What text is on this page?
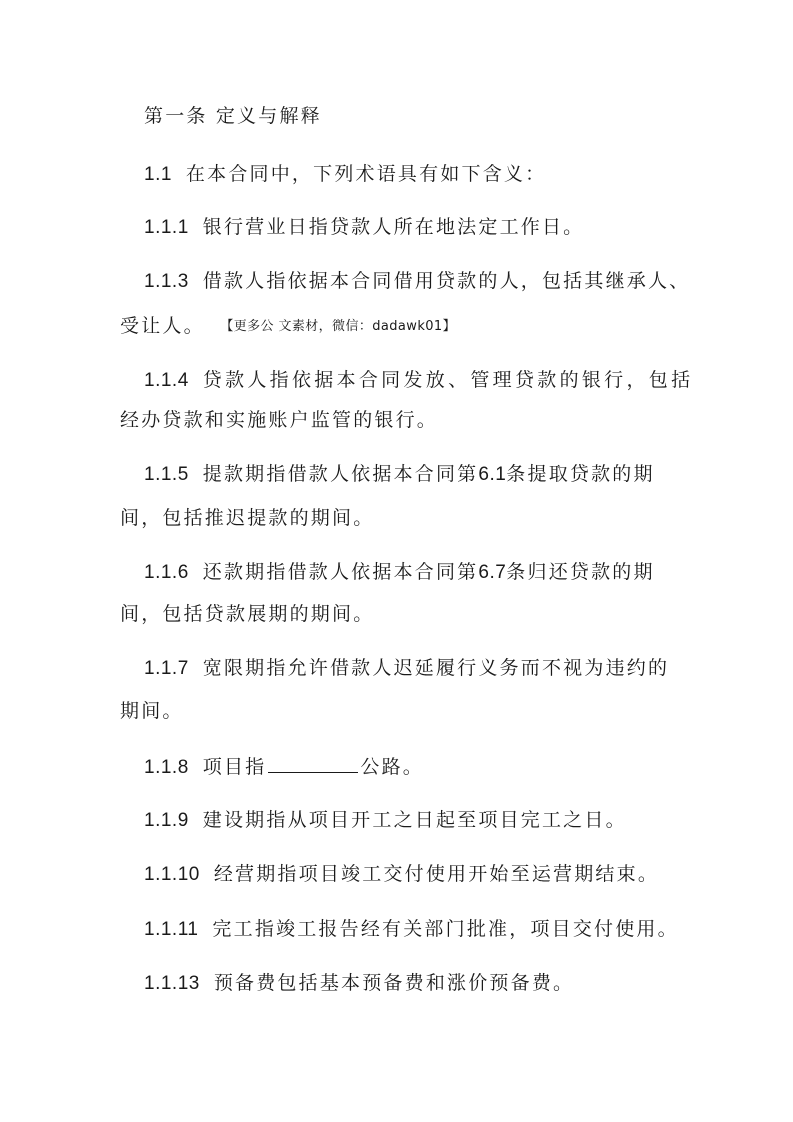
第一条 定义与解释
1.1 在本合同中，下列术语具有如下含义：
1.1.1 银行营业日指贷款人所在地法定工作日。
1.1.3 借款人指依据本合同借用贷款的人，包括其继承人、
受让人。 【更多公 文素材，微信：dadawk01】
1.1.4 贷款人指依据本合同发放、管理贷款的银行，包括
经办贷款和实施账户监管的银行。
1.1.5 提款期指借款人依据本合同第6.1条提取贷款的期
间，包括推迟提款的期间。
1.1.6 还款期指借款人依据本合同第6.7条归还贷款的期
间，包括贷款展期的期间。
1.1.7 宽限期指允许借款人迟延履行义务而不视为违约的
期间。
1.1.8 项目指	公路。
1.1.9 建设期指从项目开工之日起至项目完工之日。
1.1.10 经营期指项目竣工交付使用开始至运营期结束。
1.1.11 完工指竣工报告经有关部门批准，项目交付使用。
1.1.13 预备费包括基本预备费和涨价预备费。
